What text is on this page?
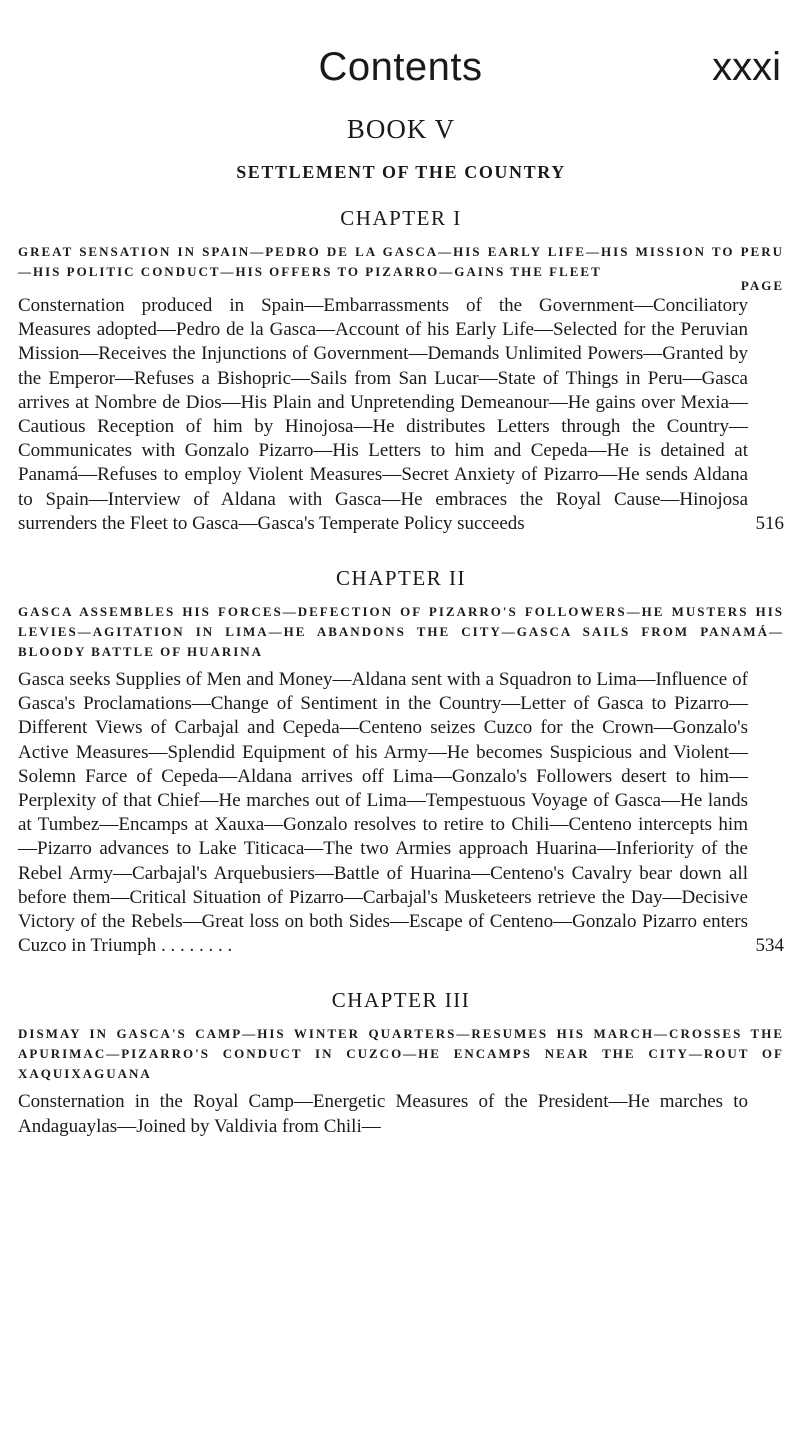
Contents	xxxi
BOOK V
SETTLEMENT OF THE COUNTRY
CHAPTER I
GREAT SENSATION IN SPAIN—PEDRO DE LA GASCA—HIS EARLY LIFE—HIS MISSION TO PERU—HIS POLITIC CONDUCT—HIS OFFERS TO PIZARRO—GAINS THE FLEET
PAGE

Consternation produced in Spain—Embarrassments of the Government—Conciliatory Measures adopted—Pedro de la Gasca—Account of his Early Life—Selected for the Peruvian Mission—Receives the Injunctions of Government—Demands Unlimited Powers—Granted by the Emperor—Refuses a Bishopric—Sails from San Lucar—State of Things in Peru—Gasca arrives at Nombre de Dios—His Plain and Unpretending Demeanour—He gains over Mexia—Cautious Reception of him by Hinojosa—He distributes Letters through the Country—Communicates with Gonzalo Pizarro—His Letters to him and Cepeda—He is detained at Panamá—Refuses to employ Violent Measures—Secret Anxiety of Pizarro—He sends Aldana to Spain—Interview of Aldana with Gasca—He embraces the Royal Cause—Hinojosa surrenders the Fleet to Gasca—Gasca's Temperate Policy succeeds	516
CHAPTER II
GASCA ASSEMBLES HIS FORCES—DEFECTION OF PIZARRO'S FOLLOWERS—HE MUSTERS HIS LEVIES—AGITATION IN LIMA—HE ABANDONS THE CITY—GASCA SAILS FROM PANAMÁ—BLOODY BATTLE OF HUARINA

Gasca seeks Supplies of Men and Money—Aldana sent with a Squadron to Lima—Influence of Gasca's Proclamations—Change of Sentiment in the Country—Letter of Gasca to Pizarro—Different Views of Carbajal and Cepeda—Centeno seizes Cuzco for the Crown—Gonzalo's Active Measures—Splendid Equipment of his Army—He becomes Suspicious and Violent—Solemn Farce of Cepeda—Aldana arrives off Lima—Gonzalo's Followers desert to him—Perplexity of that Chief—He marches out of Lima—Tempestuous Voyage of Gasca—He lands at Tumbez—Encamps at Xauxa—Gonzalo resolves to retire to Chili—Centeno intercepts him—Pizarro advances to Lake Titicaca—The two Armies approach Huarina—Inferiority of the Rebel Army—Carbajal's Arquebusiers—Battle of Huarina—Centeno's Cavalry bear down all before them—Critical Situation of Pizarro—Carbajal's Musketeers retrieve the Day—Decisive Victory of the Rebels—Great loss on both Sides—Escape of Centeno—Gonzalo Pizarro enters Cuzco in Triumph . . . . . . . .	534
CHAPTER III
DISMAY IN GASCA'S CAMP—HIS WINTER QUARTERS—RESUMES HIS MARCH—CROSSES THE APURIMAC—PIZARRO'S CONDUCT IN CUZCO—HE ENCAMPS NEAR THE CITY—ROUT OF XAQUIXAGUANA

Consternation in the Royal Camp—Energetic Measures of the President—He marches to Andaguaylas—Joined by Valdivia from Chili—
